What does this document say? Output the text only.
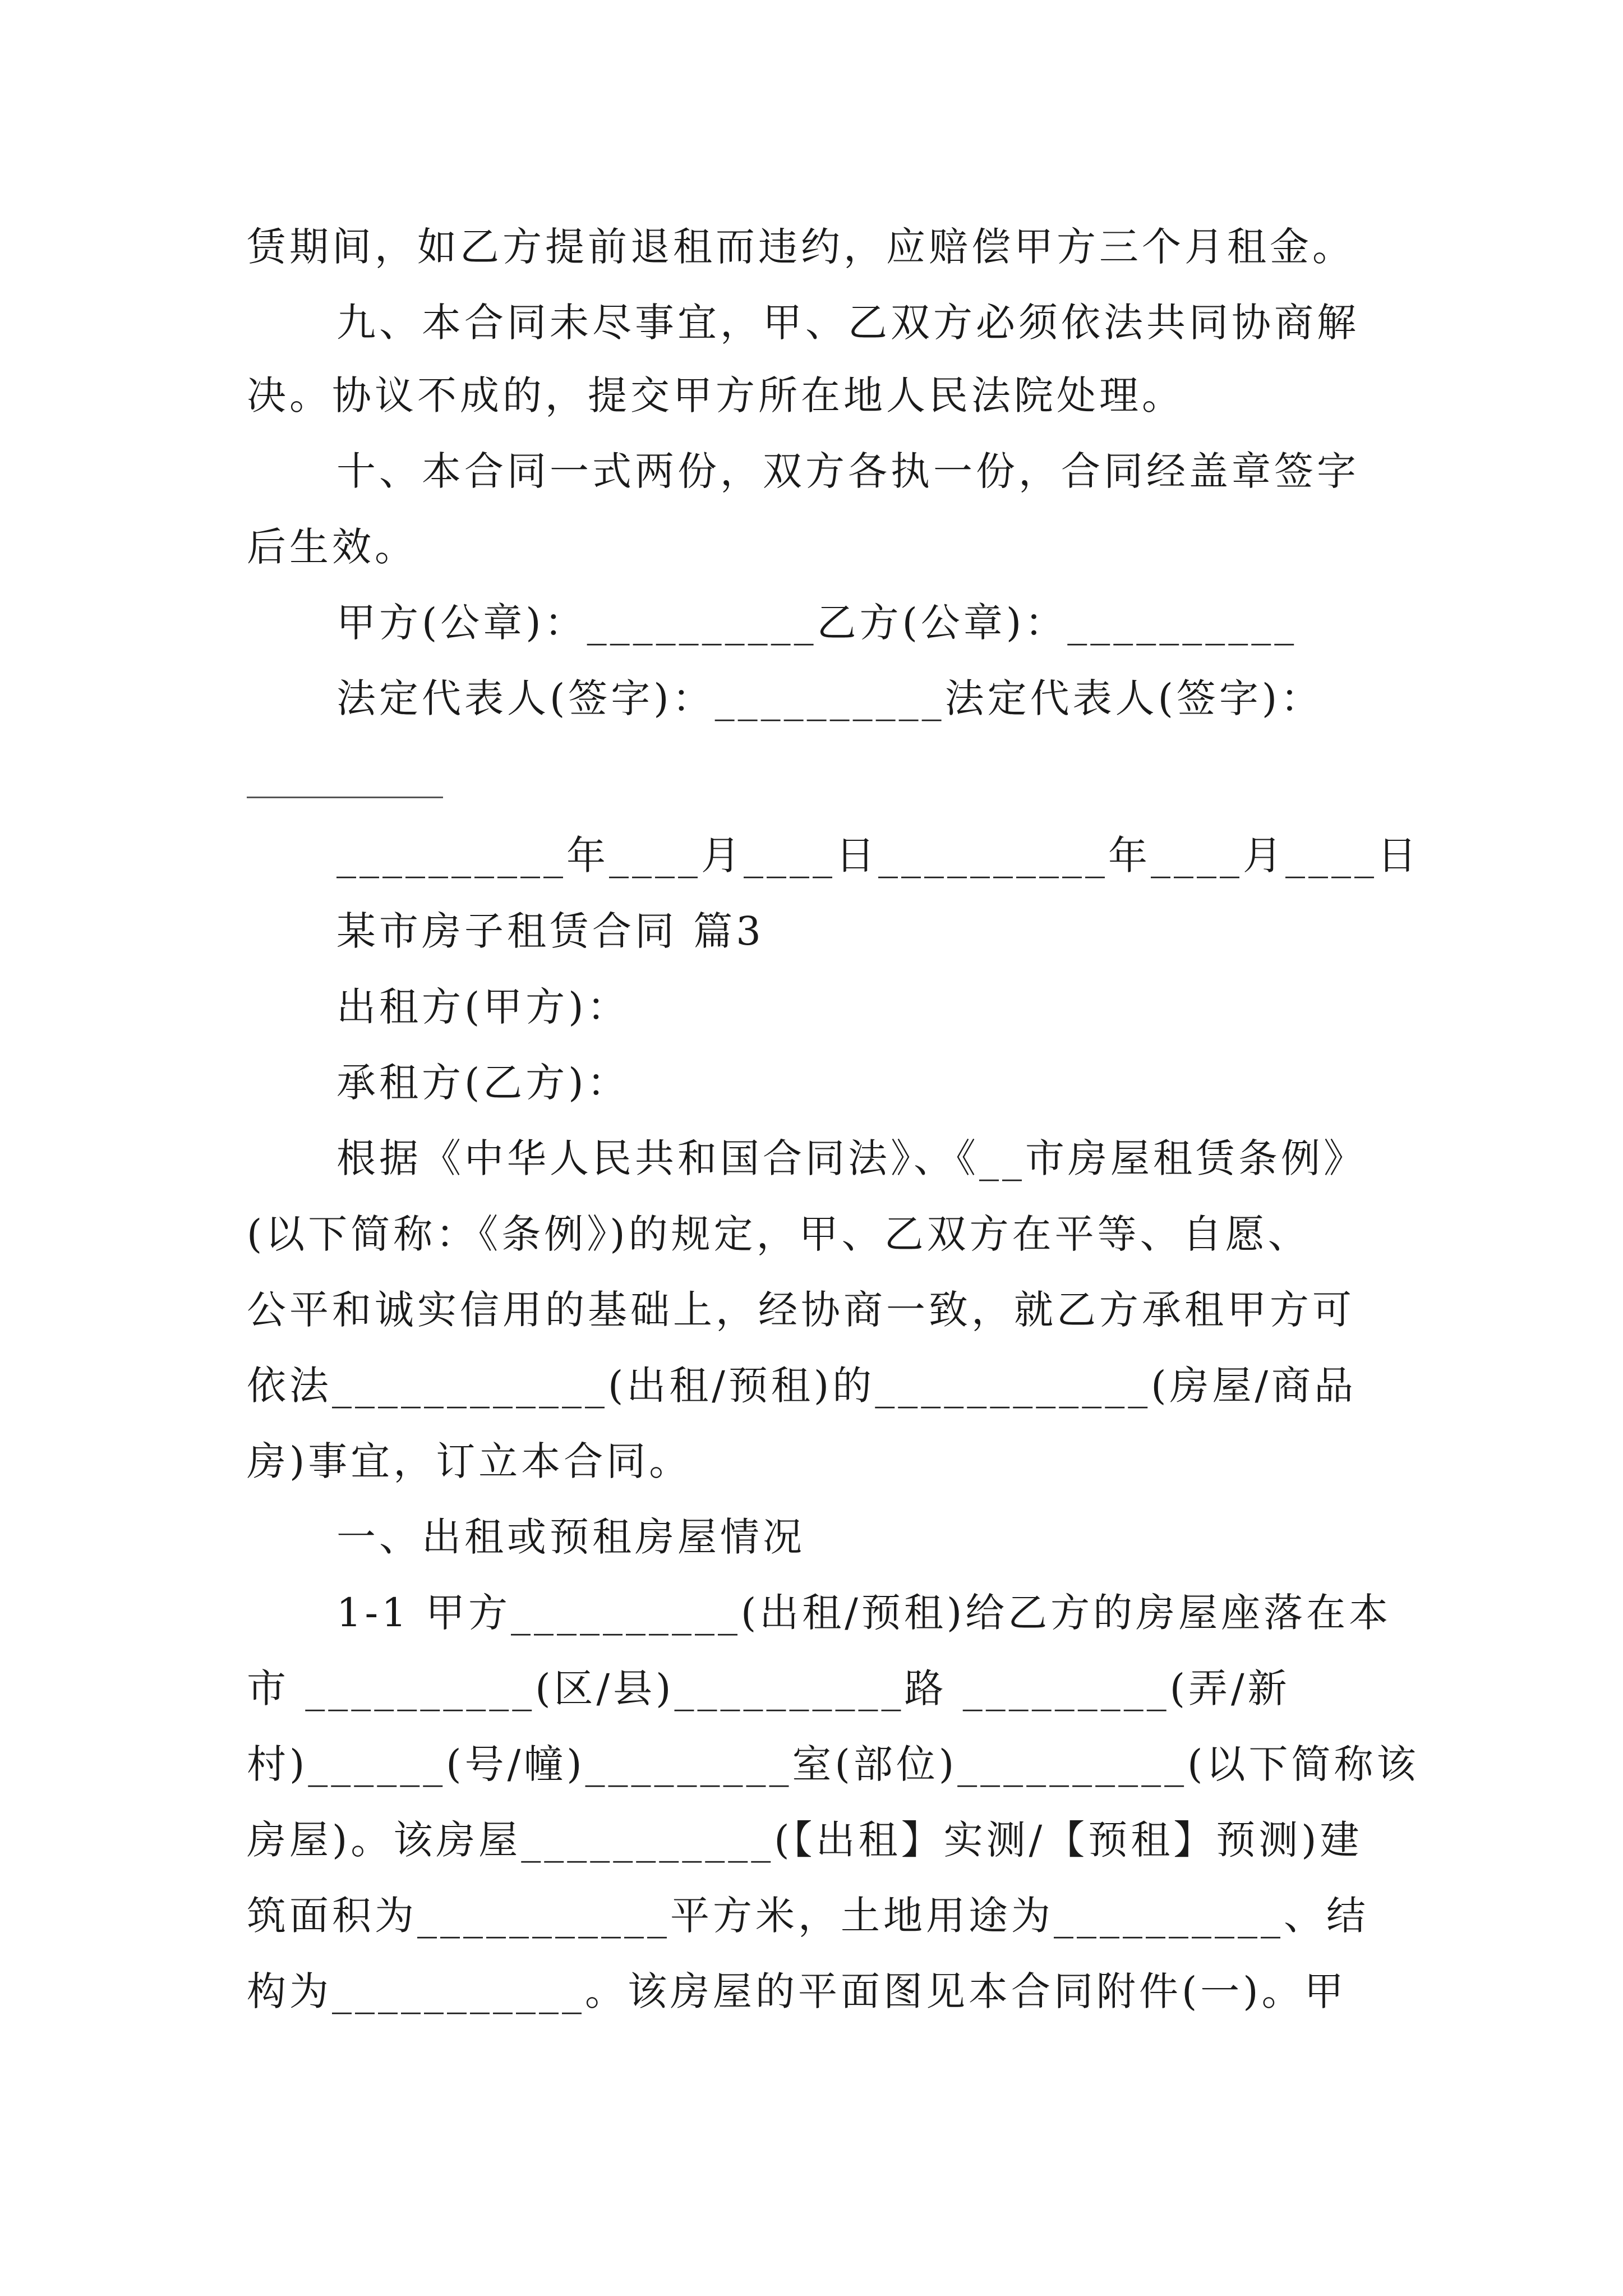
赁期间，如乙方提前退租而违约，应赔偿甲方三个月租金。
九、本合同未尽事宜，甲、乙双方必须依法共同协商解
决。协议不成的，提交甲方所在地人民法院处理。
十、本合同一式两份，双方各执一份，合同经盖章签字
后生效。
甲方(公章)：__________乙方(公章)：__________
法定代表人(签字)：__________法定代表人(签字)：
__________年____月____日__________年____月____日
某市房子租赁合同 篇3
出租方(甲方)：
承租方(乙方)：
根据《中华人民共和国合同法》、《__市房屋租赁条例》
(以下简称：《条例》)的规定，甲、乙双方在平等、自愿、
公平和诚实信用的基础上，经协商一致，就乙方承租甲方可
依法____________(出租/预租)的____________(房屋/商品
房)事宜，订立本合同。
一、出租或预租房屋情况
1-1 甲方__________(出租/预租)给乙方的房屋座落在本
市 __________(区/县)__________路 _________(弄/新
村)______(号/幢)_________室(部位)__________(以下简称该
房屋)。该房屋___________(【出租】实测/【预租】预测)建
筑面积为___________平方米，土地用途为__________、结
构为___________。该房屋的平面图见本合同附件(一)。甲
